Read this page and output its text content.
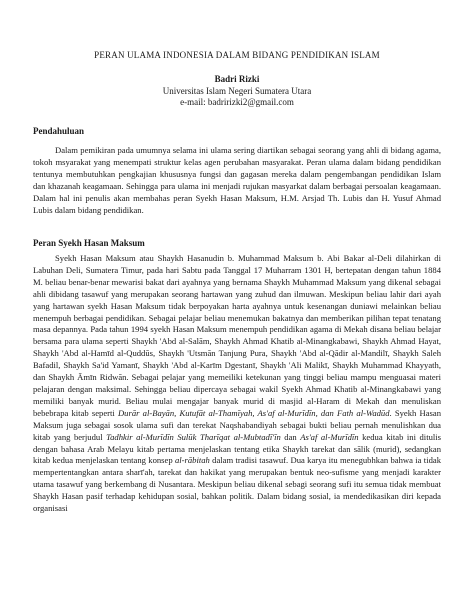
PERAN ULAMA INDONESIA DALAM BIDANG PENDIDIKAN ISLAM
Badri Rizki
Universitas Islam Negeri Sumatera Utara
e-mail: badririzki2@gmail.com
Pendahuluan

Dalam pemikiran pada umumnya selama ini ulama sering diartikan sebagai seorang yang ahli di bidang agama, tokoh msyarakat yang menempati struktur kelas agen perubahan masyarakat. Peran ulama dalam bidang pendidikan tentunya membutuhkan pengkajian khususnya fungsi dan gagasan mereka dalam pengembangan pendidikan Islam dan khazanah keagamaan. Sehingga para ulama ini menjadi rujukan masyarkat dalam berbagai persoalan keagamaan. Dalam hal ini penulis akan membahas peran Syekh Hasan Maksum, H.M. Arsjad Th. Lubis dan H. Yusuf Ahmad Lubis dalam bidang pendidikan.

Peran Syekh Hasan Maksum

Syekh Hasan Maksum atau Shaykh Hasanudin b. Muhammad Maksum b. Abi Bakar al-Deli dilahirkan di Labuhan Deli, Sumatera Timur, pada hari Sabtu pada Tanggal 17 Muharram 1301 H, bertepatan dengan tahun 1884 M. beliau benar-benar mewarisi bakat dari ayahnya yang bernama Shaykh Muhammad Maksum yang dikenal sebagai ahli dibidang tasawuf yang merupakan seorang hartawan yang zuhud dan ilmuwan. Meskipun beliau lahir dari ayah yang hartawan syekh Hasan Maksum tidak berpoyakan harta ayahnya untuk kesenangan duniawi melainkan beliau menempuh berbagai pendidikan. Sebagai pelajar beliau menemukan bakatnya dan memberikan pilihan tepat tenatang masa depannya. Pada tahun 1994 syekh Hasan Maksum menempuh pendidikan agama di Mekah disana beliau belajar bersama para ulama seperti Shaykh 'Abd al-Salām, Shaykh Ahmad Khatib al-Minangkabawi, Shaykh Ahmad Hayat, Shaykh 'Abd al-Hamīd al-Quddūs, Shaykh 'Utsmān Tanjung Pura, Shaykh 'Abd al-Qādir al-Mandilī, Shaykh Saleh Bafadil, Shaykh Sa'id Yamanī, Shaykh 'Abd al-Karīm Dgestanī, Shaykh 'Ali Malikī, Shaykh Muhammad Khayyath, dan Shaykh Āmīn Ridwān. Sebagai pelajar yang memeiliki ketekunan yang tinggi beliau mampu menguasai materi pelajaran dengan maksimal. Sehingga beliau dipercaya sebagai wakil Syekh Ahmad Khatib al-Minangkabawi yang memiliki banyak murid. Beliau mulai mengajar banyak murid di masjid al-Haram di Mekah dan menuliskan bebebrapa kitab seperti Durār al-Bayān, Kutufāt al-Thamīyah, As'af al-Murīdīn, dan Fath al-Wadūd. Syekh Hasan Maksum juga sebagai sosok ulama sufi dan terekat Naqshabandiyah sebagai bukti beliau pernah menulishkan dua kitab yang berjudul Tadhkir al-Murīdīn Sulūk Tharīqat al-Mubtadī'īn dan As'af al-Murīdīn kedua kitab ini ditulis dengan bahasa Arab Melayu kitab pertama menjelaskan tentang etika Shaykh tarekat dan sālik (murid), sedangkan kitab kedua menjelaskan tentang konsep al-rābitah dalam tradisi tasawuf. Dua karya itu menegubhkan bahwa ia tidak mempertentangkan antara sharī'ah, tarekat dan hakikat yang merupakan bentuk neo-sufisme yang menjadi karakter utama tasawuf yang berkembang di Nusantara. Meskipun beliau dikenal sebagi seorang sufi itu semua tidak membuat Shaykh Hasan pasif terhadap kehidupan sosial, bahkan politik. Dalam bidang sosial, ia mendedikasikan diri kepada organisasi
